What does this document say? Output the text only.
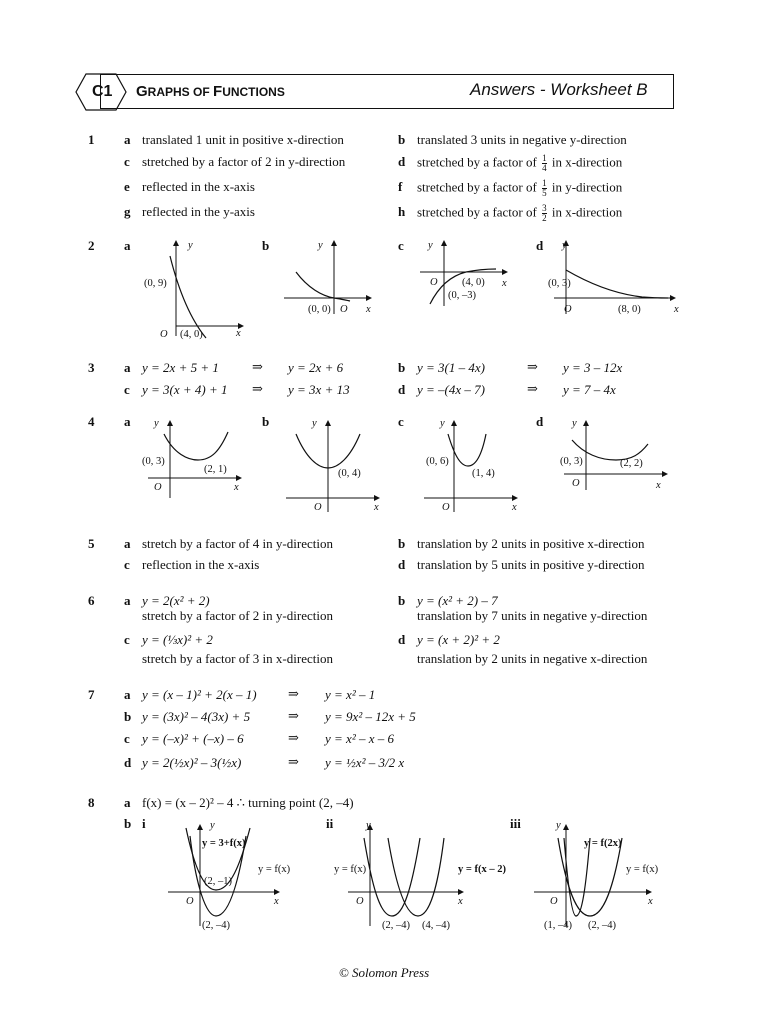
C1 GRAPHS OF FUNCTIONS	Answers - Worksheet B
1 a translated 1 unit in positive x-direction	b translated 3 units in negative y-direction
c stretched by a factor of 2 in y-direction	d stretched by a factor of $\frac{1}{4}$ in x-direction
e reflected in the x-axis	f stretched by a factor of $\frac{1}{5}$ in y-direction
g reflected in the y-axis	h stretched by a factor of $\frac{3}{2}$ in x-direction
2 a	b	c	d
y
x
O
(0, 9)
(4, 0)
y
x
O
(0, 0)
y
x
O (4, 0)
(0, –3)
y
x
O
(0, 3)
(8, 0)
3 a y = 2x + 5 + 1	⇒ y = 2x + 6	b y = 3(1 – 4x)	⇒ y = 3 – 12x
c y = 3(x + 4) + 1 ⇒ y = 3x + 13	d y = –(4x – 7)	⇒ y = 7 – 4x
4 a	b	c	d
y
x
O
(0, 3)
(2, 1)
y
x
O
(0, 4)
y
x
O
(0, 6)
(1, 4)
y
x
O
(0, 3)	(2, 2)
5 a stretch by a factor of 4 in y-direction	b translation by 2 units in positive x-direction
c reflection in the x-axis	d translation by 5 units in positive y-direction
6 a y = 2(x² + 2)
stretch by a factor of 2 in y-direction
b y = (x² + 2) – 7
translation by 7 units in negative y-direction
c y = (⅓x)² + 2
stretch by a factor of 3 in x-direction
d y = (x + 2)² + 2
translation by 2 units in negative x-direction
7 a y = (x – 1)² + 2(x – 1) ⇒ y = x² – 1
b y = (3x)² – 4(3x) + 5	⇒ y = 9x² – 12x + 5
c y = (–x)² + (–x) – 6	⇒ y = x² – x – 6
d y = 2(½x)² – 3(½x)	⇒ y = ½x² – 3/2 x
8 a f(x) = (x – 2)² – 4 ∴ turning point (2, –4)
b i	ii	iii
y
x
O
y = 3+f(x)
y = f(x)
(2, –1)
(2, –4)
y
x
O
y = f(x)	y = f(x – 2)
(2, –4) (4, –4)
y
x
O
y = f(2x)
y = f(x)
(1, –4) (2, –4)
© Solomon Press
